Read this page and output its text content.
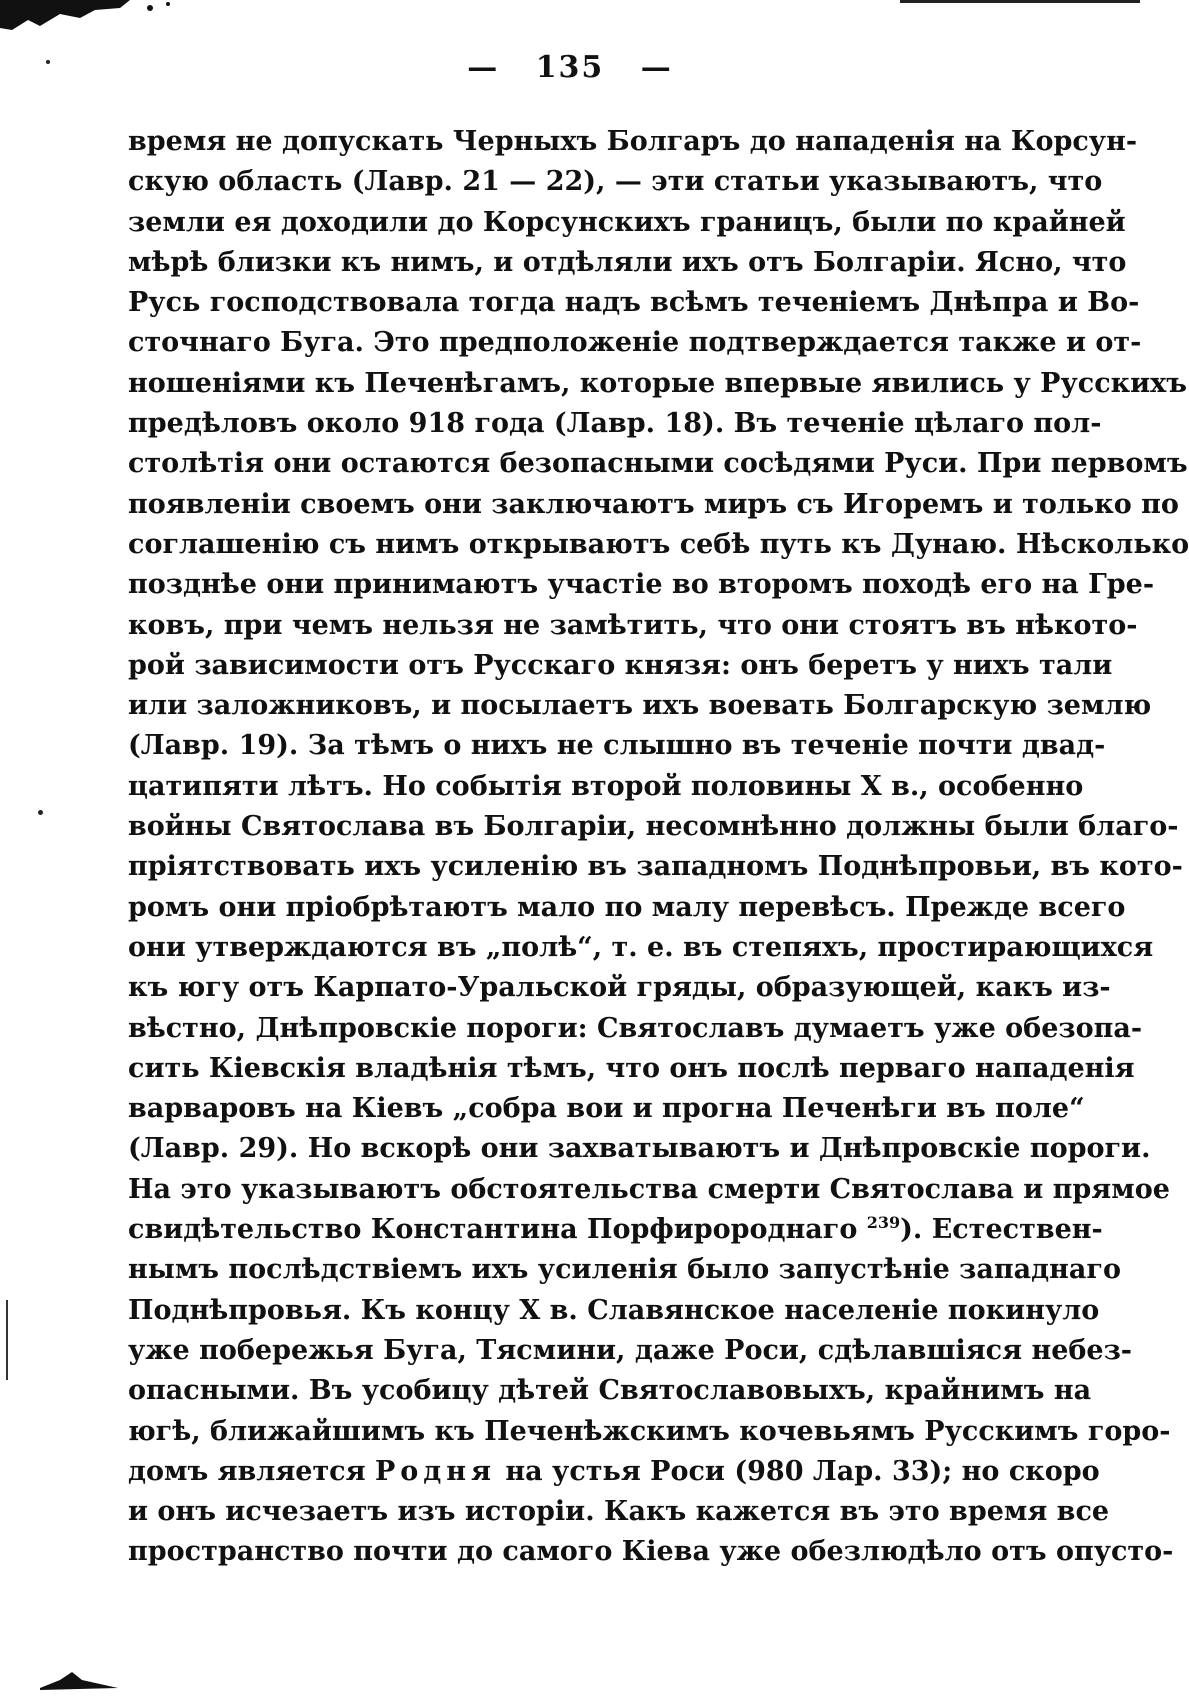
— 135 —
время не допускать Черныхъ Болгаръ до нападенія на Корсун-
скую область (Лавр. 21 — 22), — эти статьи указываютъ, что
земли ея доходили до Корсунскихъ границъ, были по крайней
мѣрѣ близки къ нимъ, и отдѣляли ихъ отъ Болгаріи. Ясно, что
Русь господствовала тогда надъ всѣмъ теченіемъ Днѣпра и Во-
сточнаго Буга. Это предположеніе подтверждается также и от-
ношеніями къ Печенѣгамъ, которые впервые явились у Русскихъ
предѣловъ около 918 года (Лавр. 18). Въ теченіе цѣлаго пол-
столѣтія они остаются безопасными сосѣдями Руси. При первомъ
появленіи своемъ они заключаютъ миръ съ Игоремъ и только по
соглашенію съ нимъ открываютъ себѣ путь къ Дунаю. Нѣсколько
позднѣе они принимаютъ участіе во второмъ походѣ его на Гре-
ковъ, при чемъ нельзя не замѣтить, что они стоятъ въ нѣкото-
рой зависимости отъ Русскаго князя: онъ беретъ у нихъ тали
или заложниковъ, и посылаетъ ихъ воевать Болгарскую землю
(Лавр. 19). За тѣмъ о нихъ не слышно въ теченіе почти двад-
цатипяти лѣтъ. Но событія второй половины X в., особенно
войны Святослава въ Болгаріи, несомнѣнно должны были благо-
пріятствовать ихъ усиленію въ западномъ Поднѣпровьи, въ кото-
ромъ они пріобрѣтаютъ мало по малу перевѣсъ. Прежде всего
они утверждаются въ „полѣ“, т. е. въ степяхъ, простирающихся
къ югу отъ Карпато-Уральской гряды, образующей, какъ из-
вѣстно, Днѣпровскіе пороги: Святославъ думаетъ уже обезопа-
сить Кіевскія владѣнія тѣмъ, что онъ послѣ перваго нападенія
варваровъ на Кіевъ „собра вои и прогна Печенѣги въ поле“
(Лавр. 29). Но вскорѣ они захватываютъ и Днѣпровскіе пороги.
На это указываютъ обстоятельства смерти Святослава и прямое
свидѣтельство Константина Порфиророднаго $^{239}$). Естествен-
нымъ послѣдствіемъ ихъ усиленія было запустѣніе западнаго
Поднѣпровья. Къ концу X в. Славянское населеніе покинуло
уже побережья Буга, Тясмини, даже Роси, сдѣлавшіяся небез-
опасными. Въ усобицу дѣтей Святославовыхъ, крайнимъ на
югѣ, ближайшимъ къ Печенѣжскимъ кочевьямъ Русскимъ горо-
домъ является Родня на устья Роси (980 Лар. 33); но скоро
и онъ исчезаетъ изъ исторіи. Какъ кажется въ это время все
пространство почти до самого Кіева уже обезлюдѣло отъ опусто-
